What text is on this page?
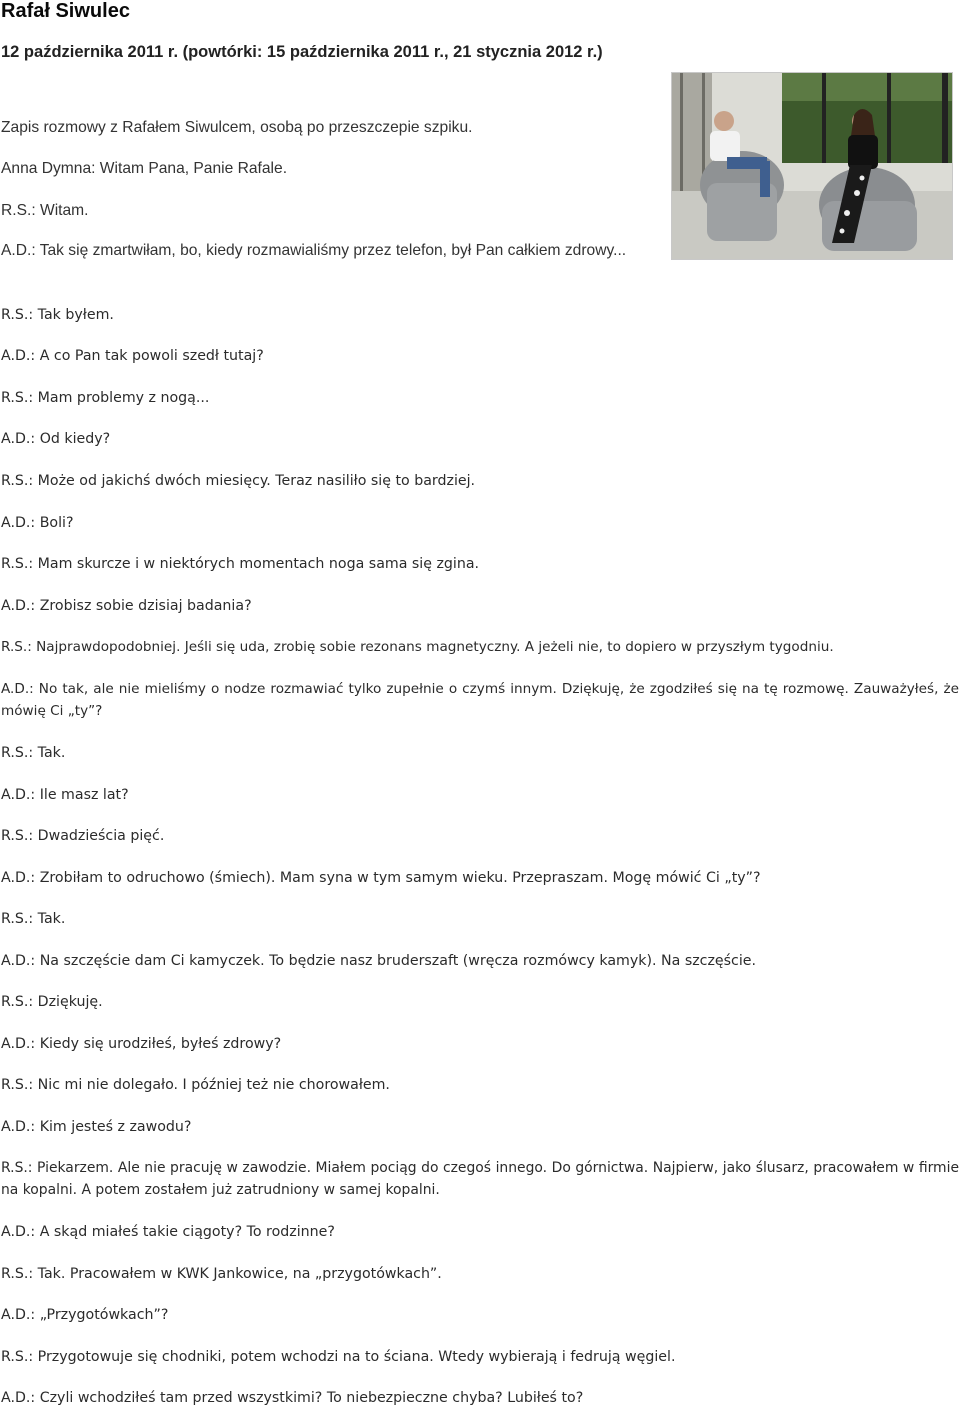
Rafał Siwulec
12 października 2011 r. (powtórki: 15 października 2011 r., 21 stycznia 2012 r.)

Zapis rozmowy z Rafałem Siwulcem, osobą po przeszczepie szpiku.

Anna Dymna: Witam Pana, Panie Rafale.

R.S.: Witam.

A.D.: Tak się zmartwiłam, bo, kiedy rozmawialiśmy przez telefon, był Pan całkiem zdrowy...

R.S.: Tak byłem.

A.D.: A co Pan tak powoli szedł tutaj?

R.S.: Mam problemy z nogą...

A.D.: Od kiedy?

R.S.: Może od jakichś dwóch miesięcy. Teraz nasiliło się to bardziej.

A.D.: Boli?

R.S.: Mam skurcze i w niektórych momentach noga sama się zgina.

A.D.: Zrobisz sobie dzisiaj badania?

R.S.: Najprawdopodobniej. Jeśli się uda, zrobię sobie rezonans magnetyczny. A jeżeli nie, to dopiero w przyszłym tygodniu.

A.D.: No tak, ale nie mieliśmy o nodze rozmawiać tylko zupełnie o czymś innym. Dziękuję, że zgodziłeś się na tę rozmowę. Zauważyłeś, że mówię Ci „ty”?

R.S.: Tak.

A.D.: Ile masz lat?

R.S.: Dwadzieścia pięć.

A.D.: Zrobiłam to odruchowo (śmiech). Mam syna w tym samym wieku. Przepraszam. Mogę mówić Ci „ty”?

R.S.: Tak.

A.D.: Na szczęście dam Ci kamyczek. To będzie nasz bruderszaft (wręcza rozmówcy kamyk). Na szczęście.

R.S.: Dziękuję.

A.D.: Kiedy się urodziłeś, byłeś zdrowy?

R.S.: Nic mi nie dolegało. I później też nie chorowałem.

A.D.: Kim jesteś z zawodu?

R.S.: Piekarzem. Ale nie pracuję w zawodzie. Miałem pociąg do czegoś innego. Do górnictwa. Najpierw, jako ślusarz, pracowałem w firmie na kopalni. A potem zostałem już zatrudniony w samej kopalni.

A.D.: A skąd miałeś takie ciągoty? To rodzinne?

R.S.: Tak. Pracowałem w KWK Jankowice, na „przygotówkach”.

A.D.: „Przygotówkach”?

R.S.: Przygotowuje się chodniki, potem wchodzi na to ściana. Wtedy wybierają i fedrują węgiel.

A.D.: Czyli wchodziłeś tam przed wszystkimi? To niebezpieczne chyba? Lubiłeś to?
